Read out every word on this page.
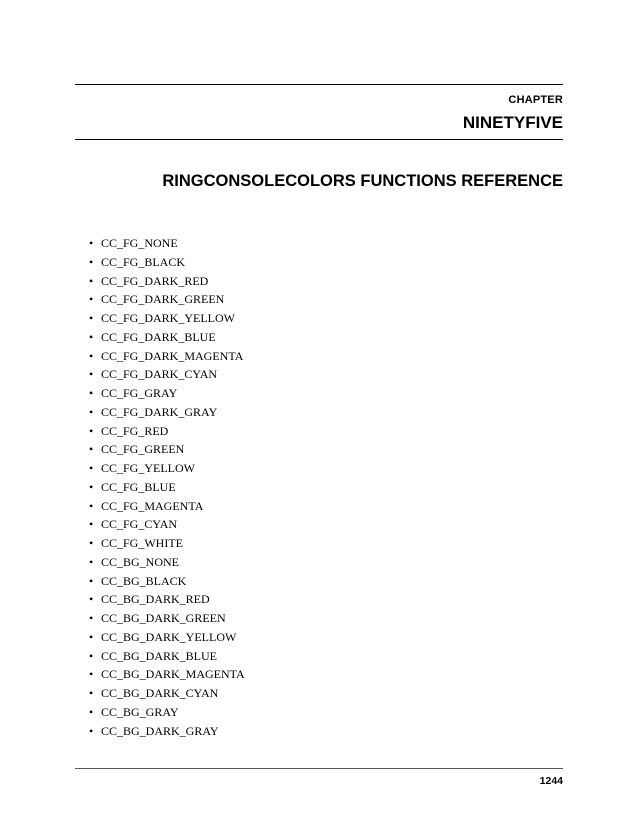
CHAPTER
NINETYFIVE
RINGCONSOLECOLORS FUNCTIONS REFERENCE
• CC_FG_NONE
• CC_FG_BLACK
• CC_FG_DARK_RED
• CC_FG_DARK_GREEN
• CC_FG_DARK_YELLOW
• CC_FG_DARK_BLUE
• CC_FG_DARK_MAGENTA
• CC_FG_DARK_CYAN
• CC_FG_GRAY
• CC_FG_DARK_GRAY
• CC_FG_RED
• CC_FG_GREEN
• CC_FG_YELLOW
• CC_FG_BLUE
• CC_FG_MAGENTA
• CC_FG_CYAN
• CC_FG_WHITE
• CC_BG_NONE
• CC_BG_BLACK
• CC_BG_DARK_RED
• CC_BG_DARK_GREEN
• CC_BG_DARK_YELLOW
• CC_BG_DARK_BLUE
• CC_BG_DARK_MAGENTA
• CC_BG_DARK_CYAN
• CC_BG_GRAY
• CC_BG_DARK_GRAY
1244
